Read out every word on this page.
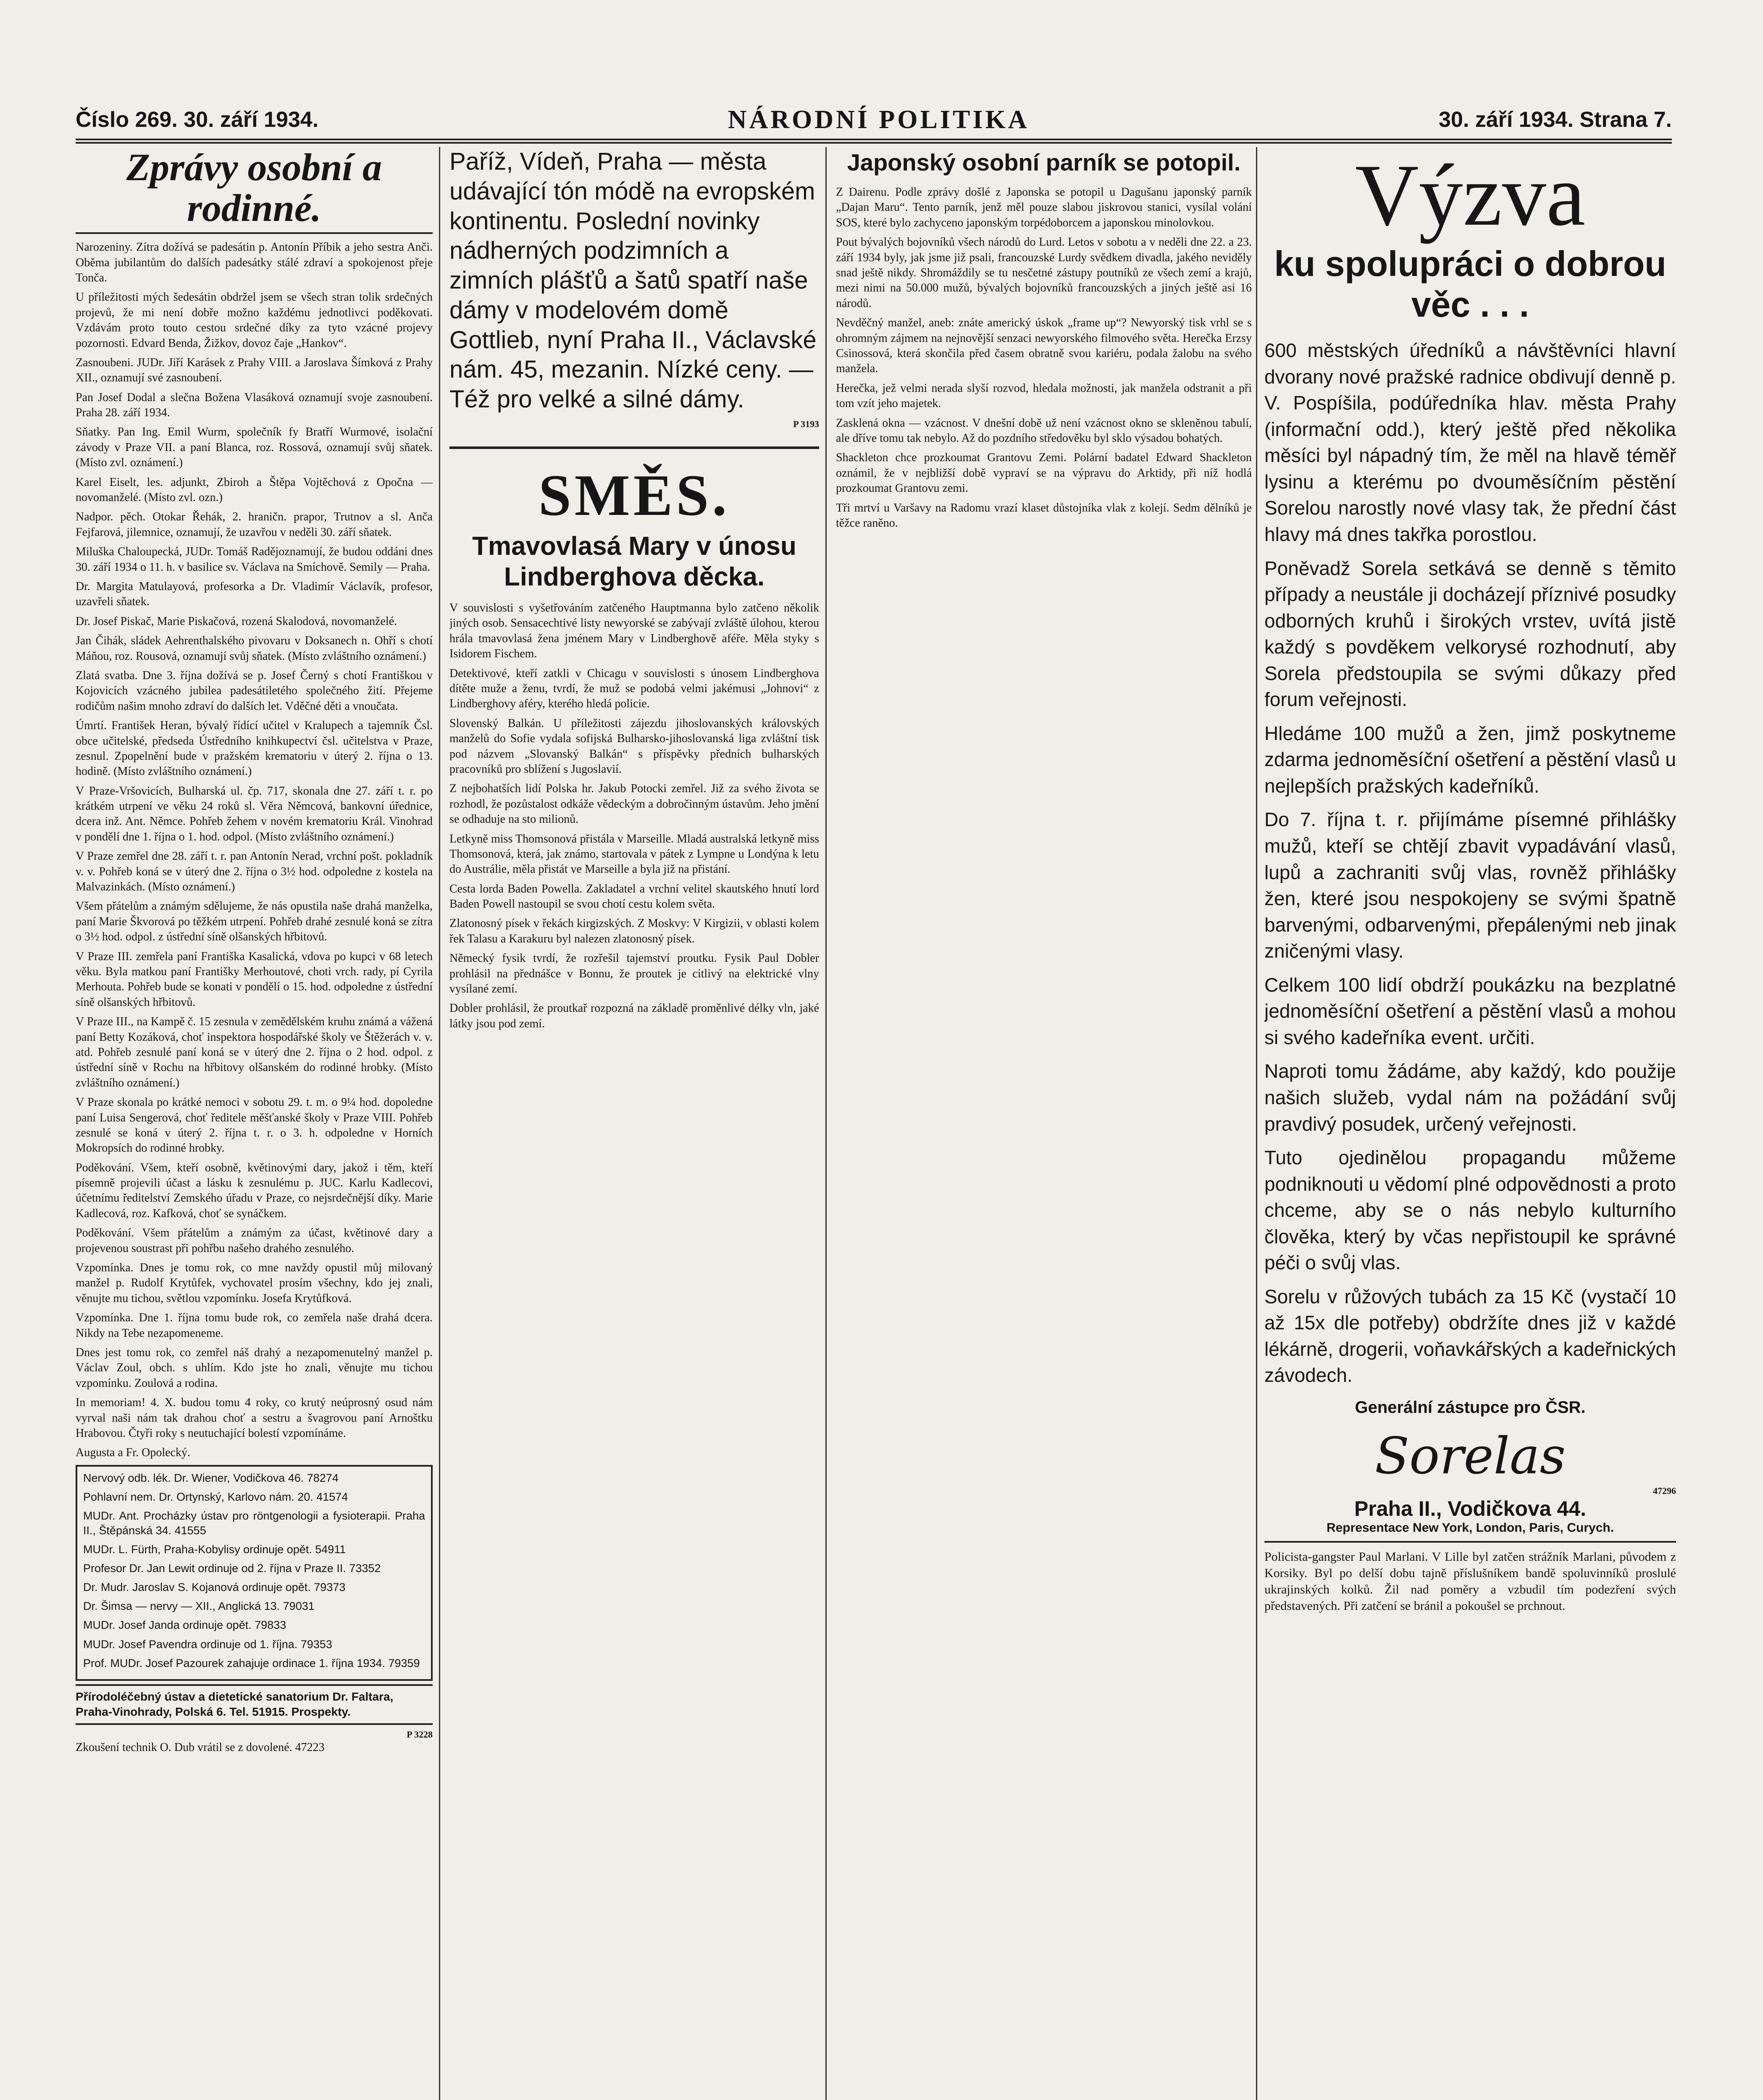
Číslo 269. 30. září 1934.	NÁRODNÍ POLITIKA	30. září 1934. Strana 7.
Zprávy osobní a rodinné.

Narozeniny. Zítra dožívá se padesátin p. Antonín Příbik a jeho sestra Anči. Oběma jubilantům do dalších padesátky stálé zdraví a spokojenost přeje Tonča.

U příležitosti mých šedesátin obdržel jsem se všech stran tolik srdečných projevů, že mi není dobře možno každému jednotlivci poděkovati. Vzdávám proto touto cestou srdečné díky za tyto vzácné projevy pozornosti. Edvard Benda, Žižkov, dovoz čaje „Hankov“.

Zasnoubeni. JUDr. Jiří Karásek z Prahy VIII. a Jaroslava Šímková z Prahy XII., oznamují své zasnoubení.

Pan Josef Dodal a slečna Božena Vlasáková oznamují svoje zasnoubení. Praha 28. září 1934.

Sňatky. Pan Ing. Emil Wurm, společník fy Bratří Wurmové, isolační závody v Praze VII. a paní Blanca, roz. Rossová, oznamují svůj sňatek. (Místo zvl. oznámení.)

Karel Eiselt, les. adjunkt, Zbiroh a Štěpa Vojtěchová z Opočna — novomanželé. (Místo zvl. ozn.)

Nadpor. pěch. Otokar Řehák, 2. hraničn. prapor, Trutnov a sl. Anča Fejfarová, jilemnice, oznamují, že uzavřou v neděli 30. září sňatek.

Miluška Chaloupecká, JUDr. Tomáš Radějoznamují, že budou oddáni dnes 30. září 1934 o 11. h. v basilice sv. Václava na Smíchově. Semily — Praha.

Dr. Margita Matulayová, profesorka a Dr. Vladimír Václavík, profesor, uzavřeli sňatek.

Dr. Josef Piskač, Marie Piskačová, rozená Skalodová, novomanželé.

Jan Čihák, sládek Aehrenthalského pivovaru v Doksanech n. Ohří s chotí Máňou, roz. Rousová, oznamují svůj sňatek. (Místo zvláštního oznámení.)

Zlatá svatba. Dne 3. října dožívá se p. Josef Černý s chotí Františkou v Kojovicích vzácného jubilea padesátiletého společného žití. Přejeme rodičům našim mnoho zdraví do dalších let. Vděčné děti a vnoučata.

Úmrtí. František Heran, bývalý řídící učitel v Kralupech a tajemník Čsl. obce učitelské, předseda Ústředního knihkupectví čsl. učitelstva v Praze, zesnul. Zpopelnění bude v pražském krematoriu v úterý 2. října o 13. hodině. (Místo zvláštního oznámení.)

V Praze-Vršovicích, Bulharská ul. čp. 717, skonala dne 27. září t. r. po krátkém utrpení ve věku 24 roků sl. Věra Němcová, bankovní úřednice, dcera inž. Ant. Němce. Pohřeb žehem v novém krematoriu Král. Vinohrad v pondělí dne 1. října o 1. hod. odpol. (Místo zvláštního oznámení.)

V Praze zemřel dne 28. září t. r. pan Antonín Nerad, vrchní pošt. pokladník v. v. Pohřeb koná se v úterý dne 2. října o 3½ hod. odpoledne z kostela na Malvazinkách. (Místo oznámení.)

Všem přátelům a známým sdělujeme, že nás opustila naše drahá manželka, paní Marie Škvorová po těžkém utrpení. Pohřeb drahé zesnulé koná se zítra o 3½ hod. odpol. z ústřední síně olšanských hřbitovů.

V Praze III. zemřela paní Františka Kasalická, vdova po kupci v 68 letech věku. Byla matkou paní Františky Merhoutové, choti vrch. rady, pí Cyrila Merhouta. Pohřeb bude se konati v pondělí o 15. hod. odpoledne z ústřední síně olšanských hřbitovů.

V Praze III., na Kampě č. 15 zesnula v zemědělském kruhu známá a vážená paní Betty Kozáková, choť inspektora hospodářské školy ve Štěžerách v. v. atd. Pohřeb zesnulé paní koná se v úterý dne 2. října o 2 hod. odpol. z ústřední síně v Rochu na hřbitovy olšanském do rodinné hrobky. (Místo zvláštního oznámení.)

V Praze skonala po krátké nemoci v sobotu 29. t. m. o 9¼ hod. dopoledne paní Luisa Sengerová, choť ředitele měšťanské školy v Praze VIII. Pohřeb zesnulé se koná v úterý 2. října t. r. o 3. h. odpoledne v Horních Mokropsích do rodinné hrobky.

Poděkování. Všem, kteří osobně, květinovými dary, jakož i těm, kteří písemně projevili účast a lásku k zesnulému p. JUC. Karlu Kadlecovi, účetnímu ředitelství Zemského úřadu v Praze, co nejsrdečnější díky. Marie Kadlecová, roz. Kafková, choť se synáčkem.

Poděkování. Všem přátelům a známým za účast, květinové dary a projevenou soustrast při pohřbu našeho drahého zesnulého.

Vzpomínka. Dnes je tomu rok, co mne navždy opustil můj milovaný manžel p. Rudolf Krytůfek, vychovatel prosím všechny, kdo jej znali, věnujte mu tichou, světlou vzpomínku. Josefa Krytůfková.

Vzpomínka. Dne 1. října tomu bude rok, co zemřela naše drahá dcera. Nikdy na Tebe nezapomeneme.

Dnes jest tomu rok, co zemřel náš drahý a nezapomenutelný manžel p. Václav Zoul, obch. s uhlím. Kdo jste ho znali, věnujte mu tichou vzpomínku. Zoulová a rodina.

In memoriam! 4. X. budou tomu 4 roky, co krutý neúprosný osud nám vyrval naši nám tak drahou choť a sestru a švagrovou paní Arnoštku Hrabovou. Čtyři roky s neutuchající bolestí vzpomínáme.

Augusta a Fr. Opolecký.

Nervový odb. lék. Dr. Wiener, Vodičkova 46. 78274

Pohlavní nem. Dr. Ortynský, Karlovo nám. 20. 41574

MUDr. Ant. Procházky ústav pro röntgenologii a fysioterapii. Praha II., Štěpánská 34. 41555

MUDr. L. Fürth, Praha-Kobylisy ordinuje opět. 54911

Profesor Dr. Jan Lewit ordinuje od 2. října v Praze II. 73352

Dr. Mudr. Jaroslav S. Kojanová ordinuje opět. 79373

Dr. Šimsa — nervy — XII., Anglická 13. 79031

MUDr. Josef Janda ordinuje opět. 79833

MUDr. Josef Pavendra ordinuje od 1. října. 79353

Prof. MUDr. Josef Pazourek zahajuje ordinace 1. října 1934. 79359

Přírodoléčebný ústav a dietetické sanatorium Dr. Faltara, Praha-Vinohrady, Polská 6. Tel. 51915. Prospekty.

P 3228

Zkoušení technik O. Dub vrátil se z dovolené. 47223

Paříž, Vídeň, Praha — města udávající tón módě na evropském kontinentu. Poslední novinky nádherných podzimních a zimních plášťů a šatů spatří naše dámy v modelovém domě Gottlieb, nyní Praha II., Václavské nám. 45, mezanin. Nízké ceny. — Též pro velké a silné dámy.

P 3193
SMĚS.
Tmavovlasá Mary v únosu Lindberghova děcka.

V souvislosti s vyšetřováním zatčeného Hauptmanna bylo zatčeno několik jiných osob. Sensacechtivé listy newyorské se zabývají zvláště úlohou, kterou hrála tmavovlasá žena jménem Mary v Lindberghově aféře. Měla styky s Isidorem Fischem.

Detektivové, kteří zatkli v Chicagu v souvislosti s únosem Lindberghova dítěte muže a ženu, tvrdí, že muž se podobá velmi jakémusi „Johnovi“ z Lindberghovy aféry, kterého hledá policie.

Slovenský Balkán. U příležitosti zájezdu jihoslovanských královských manželů do Sofie vydala sofijská Bulharsko-jihoslovanská liga zvláštní tisk pod názvem „Slovanský Balkán“ s příspěvky předních bulharských pracovníků pro sblížení s Jugoslavií.

Z nejbohatších lidí Polska hr. Jakub Potocki zemřel. Již za svého života se rozhodl, že pozůstalost odkáže vědeckým a dobročinným ústavům. Jeho jmění se odhaduje na sto milionů.

Letkyně miss Thomsonová přistála v Marseille. Mladá australská letkyně miss Thomsonová, která, jak známo, startovala v pátek z Lympne u Londýna k letu do Austrálie, měla přistát ve Marseille a byla již na přistání.

Cesta lorda Baden Powella. Zakladatel a vrchní velitel skautského hnutí lord Baden Powell nastoupil se svou chotí cestu kolem světa.

Zlatonosný písek v řekách kirgizských. Z Moskvy: V Kirgizii, v oblasti kolem řek Talasu a Karakuru byl nalezen zlatonosný písek.

Německý fysik tvrdí, že rozřešil tajemství proutku. Fysik Paul Dobler prohlásil na přednášce v Bonnu, že proutek je citlivý na elektrické vlny vysílané zemí.

Dobler prohlásil, že proutkař rozpozná na základě proměnlivé délky vln, jaké látky jsou pod zemí.

Japonský osobní parník se potopil.

Z Dairenu. Podle zprávy došlé z Japonska se potopil u Dagušanu japonský parník „Dajan Maru“. Tento parník, jenž měl pouze slabou jiskrovou stanici, vysílal volání SOS, které bylo zachyceno japonským torpédoborcem a japonskou minolovkou.

Pout bývalých bojovníků všech národů do Lurd. Letos v sobotu a v neděli dne 22. a 23. září 1934 byly, jak jsme již psali, francouzské Lurdy svědkem divadla, jakého neviděly snad ještě nikdy. Shromáždily se tu nesčetné zástupy poutníků ze všech zemí a krajů, mezi nimi na 50.000 mužů, bývalých bojovníků francouzských a jiných ještě asi 16 národů.

Nevděčný manžel, aneb: znáte americký úskok „frame up“? Newyorský tisk vrhl se s ohromným zájmem na nejnovější senzaci newyorského filmového světa. Herečka Erzsy Csinossová, která skončila před časem obratně svou kariéru, podala žalobu na svého manžela.

Herečka, jež velmi nerada slyší rozvod, hledala možnosti, jak manžela odstranit a při tom vzít jeho majetek.

Zasklená okna — vzácnost. V dnešní době už není vzácnost okno se skleněnou tabulí, ale dříve tomu tak nebylo. Až do pozdního středověku byl sklo výsadou bohatých.

Shackleton chce prozkoumat Grantovu Zemi. Polární badatel Edward Shackleton oznámil, že v nejbližší době vypraví se na výpravu do Arktidy, při níž hodlá prozkoumat Grantovu zemi.

Tři mrtví u Varšavy na Radomu vrazí klaset důstojníka vlak z kolejí. Sedm dělníků je těžce raněno.

Výzva
ku spolupráci o dobrou věc . . .

600 městských úředníků a návštěvníci hlavní dvorany nové pražské radnice obdivují denně p. V. Pospíšila, podúředníka hlav. města Prahy (informační odd.), který ještě před několika měsíci byl nápadný tím, že měl na hlavě téměř lysinu a kterému po dvouměsíčním pěstění Sorelou narostly nové vlasy tak, že přední část hlavy má dnes takřka porostlou.

Poněvadž Sorela setkává se denně s těmito případy a neustále ji docházejí příznivé posudky odborných kruhů i širokých vrstev, uvítá jistě každý s povděkem velkorysé rozhodnutí, aby Sorela předstoupila se svými důkazy před forum veřejnosti.

Hledáme 100 mužů a žen, jimž poskytneme zdarma jednoměsíční ošetření a pěstění vlasů u nejlepších pražských kadeřníků.

Do 7. října t. r. přijímáme písemné přihlášky mužů, kteří se chtějí zbavit vypadávání vlasů, lupů a zachraniti svůj vlas, rovněž přihlášky žen, které jsou nespokojeny se svými špatně barvenými, odbarvenými, přepálenými neb jinak zničenými vlasy.

Celkem 100 lidí obdrží poukázku na bezplatné jednoměsíční ošetření a pěstění vlasů a mohou si svého kadeřníka event. určiti.

Naproti tomu žádáme, aby každý, kdo použije našich služeb, vydal nám na požádání svůj pravdivý posudek, určený veřejnosti.

Tuto ojedinělou propagandu můžeme podniknouti u vědomí plné odpovědnosti a proto chceme, aby se o nás nebylo kulturního člověka, který by včas nepřistoupil ke správné péči o svůj vlas.

Sorelu v růžových tubách za 15 Kč (vystačí 10 až 15x dle potřeby) obdržíte dnes již v každé lékárně, drogerii, voňavkářských a kadeřnických závodech.

Generální zástupce pro ČSR.

Sorelas
47296
Praha II., Vodičkova 44.
Representace New York, London, Paris, Curych.

Policista-gangster Paul Marlani. V Lille byl zatčen strážník Marlani, původem z Korsiky. Byl po delší dobu tajně příslušníkem bandě spoluvinníků proslulé ukrajinských kolků. Žil nad poměry a vzbudil tím podezření svých představených. Při zatčení se bránil a pokoušel se prchnout.
